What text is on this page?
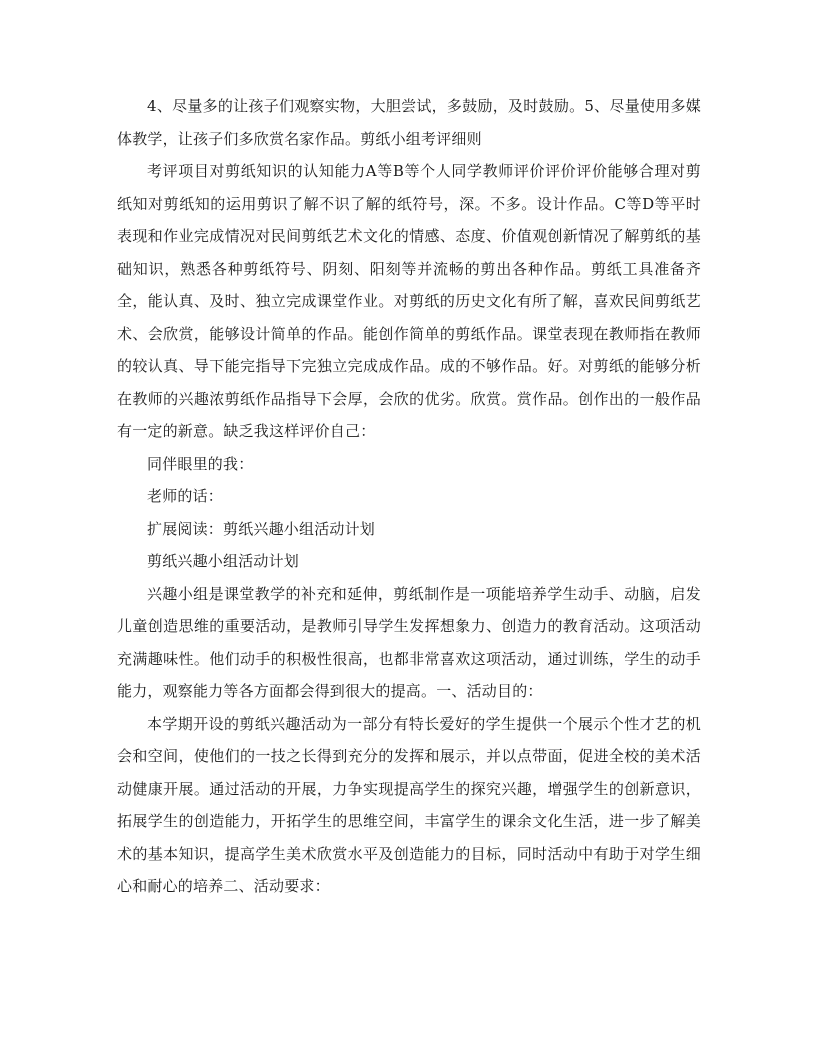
4、尽量多的让孩子们观察实物，大胆尝试，多鼓励，及时鼓励。5、尽量使用多媒体教学，让孩子们多欣赏名家作品。剪纸小组考评细则

考评项目对剪纸知识的认知能力A等B等个人同学教师评价评价评价能够合理对剪纸知对剪纸知的运用剪识了解不识了解的纸符号，深。不多。设计作品。C等D等平时表现和作业完成情况对民间剪纸艺术文化的情感、态度、价值观创新情况了解剪纸的基础知识，熟悉各种剪纸符号、阴刻、阳刻等并流畅的剪出各种作品。剪纸工具准备齐全，能认真、及时、独立完成课堂作业。对剪纸的历史文化有所了解，喜欢民间剪纸艺术、会欣赏，能够设计简单的作品。能创作简单的剪纸作品。课堂表现在教师指在教师的较认真、导下能完指导下完独立完成成作品。成的不够作品。好。对剪纸的能够分析在教师的兴趣浓剪纸作品指导下会厚，会欣的优劣。欣赏。赏作品。创作出的一般作品有一定的新意。缺乏我这样评价自己：

同伴眼里的我：

老师的话：

扩展阅读：剪纸兴趣小组活动计划

剪纸兴趣小组活动计划

兴趣小组是课堂教学的补充和延伸，剪纸制作是一项能培养学生动手、动脑，启发儿童创造思维的重要活动，是教师引导学生发挥想象力、创造力的教育活动。这项活动充满趣味性。他们动手的积极性很高，也都非常喜欢这项活动，通过训练，学生的动手能力，观察能力等各方面都会得到很大的提高。一、活动目的：

本学期开设的剪纸兴趣活动为一部分有特长爱好的学生提供一个展示个性才艺的机会和空间，使他们的一技之长得到充分的发挥和展示，并以点带面，促进全校的美术活动健康开展。通过活动的开展，力争实现提高学生的探究兴趣，增强学生的创新意识，拓展学生的创造能力，开拓学生的思维空间，丰富学生的课余文化生活，进一步了解美术的基本知识，提高学生美术欣赏水平及创造能力的目标，同时活动中有助于对学生细心和耐心的培养二、活动要求：
